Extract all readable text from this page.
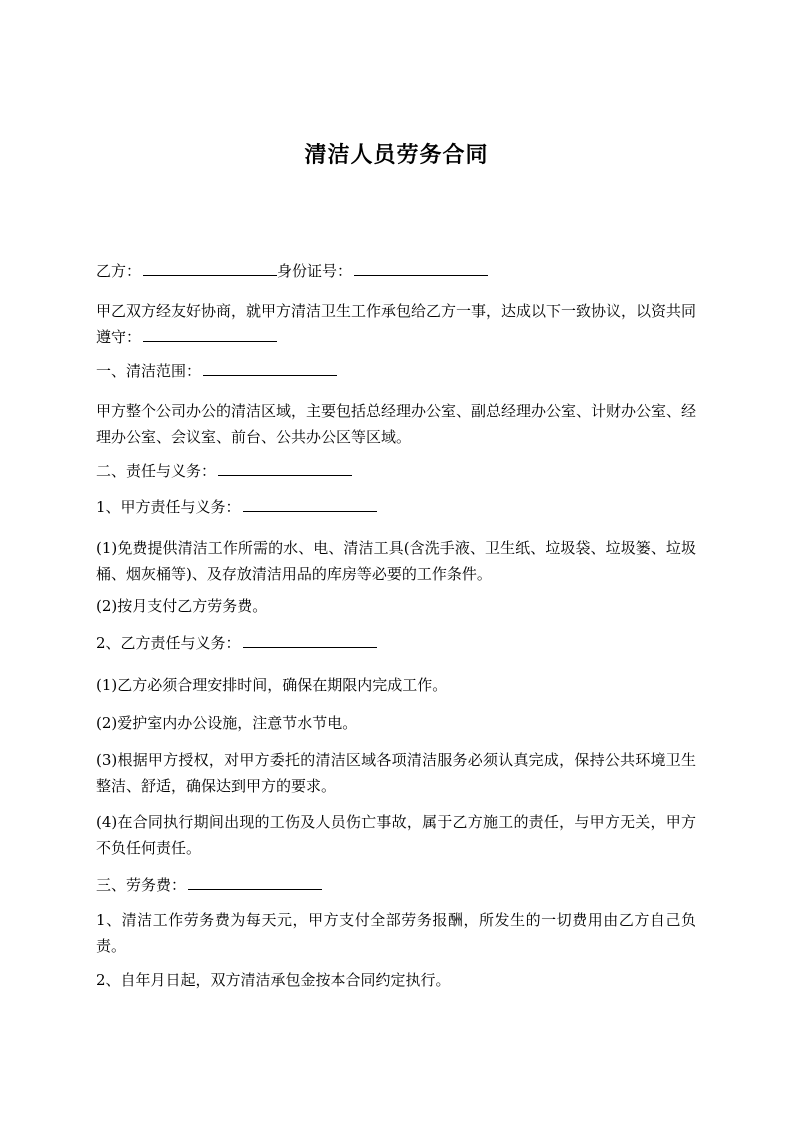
清洁人员劳务合同

乙方：	身份证号：

甲乙双方经友好协商，就甲方清洁卫生工作承包给乙方一事，达成以下一致协议，以资共同遵守：

一、清洁范围：

甲方整个公司办公的清洁区域，主要包括总经理办公室、副总经理办公室、计财办公室、经理办公室、会议室、前台、公共办公区等区域。

二、责任与义务：

1、甲方责任与义务：

(1)免费提供清洁工作所需的水、电、清洁工具(含洗手液、卫生纸、垃圾袋、垃圾篓、垃圾桶、烟灰桶等)、及存放清洁用品的库房等必要的工作条件。

(2)按月支付乙方劳务费。

2、乙方责任与义务：

(1)乙方必须合理安排时间，确保在期限内完成工作。

(2)爱护室内办公设施，注意节水节电。

(3)根据甲方授权，对甲方委托的清洁区域各项清洁服务必须认真完成，保持公共环境卫生整洁、舒适，确保达到甲方的要求。

(4)在合同执行期间出现的工伤及人员伤亡事故，属于乙方施工的责任，与甲方无关，甲方不负任何责任。

三、劳务费：

1、清洁工作劳务费为每天元，甲方支付全部劳务报酬，所发生的一切费用由乙方自己负责。

2、自年月日起，双方清洁承包金按本合同约定执行。
